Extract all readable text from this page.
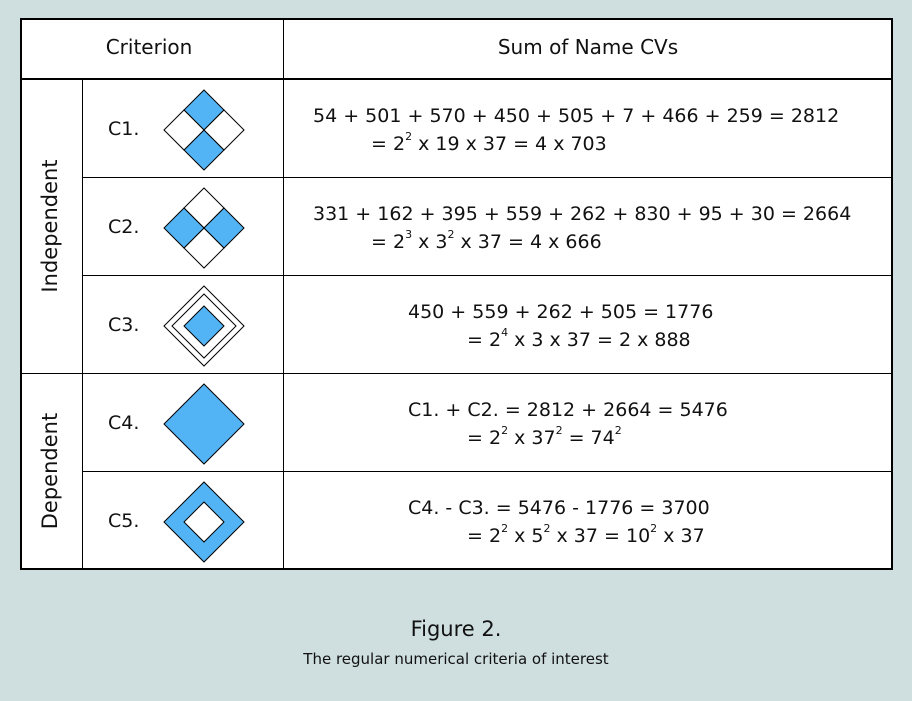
Criterion	Sum of Name CVs
Independent
Dependent
C1.
C2.
C3.
C4.
C5.
54 + 501 + 570 + 450 + 505 + 7 + 466 + 259 = 2812
= $2^2$ x 19 x 37 = 4 x 703
331 + 162 + 395 + 559 + 262 + 830 + 95 + 30 = 2664
= $2^3$ x $3^2$ x 37 = 4 x 666
450 + 559 + 262 + 505 = 1776
= $2^4$ x 3 x 37 = 2 x 888
C1. + C2. = 2812 + 2664 = 5476
= $2^2$ x $37^2 = 74^2$
C4. - C3. = 5476 - 1776 = 3700
= $2^2$ x $5^2$ x $37 = 10^2$ x 37
Figure 2.
The regular numerical criteria of interest
